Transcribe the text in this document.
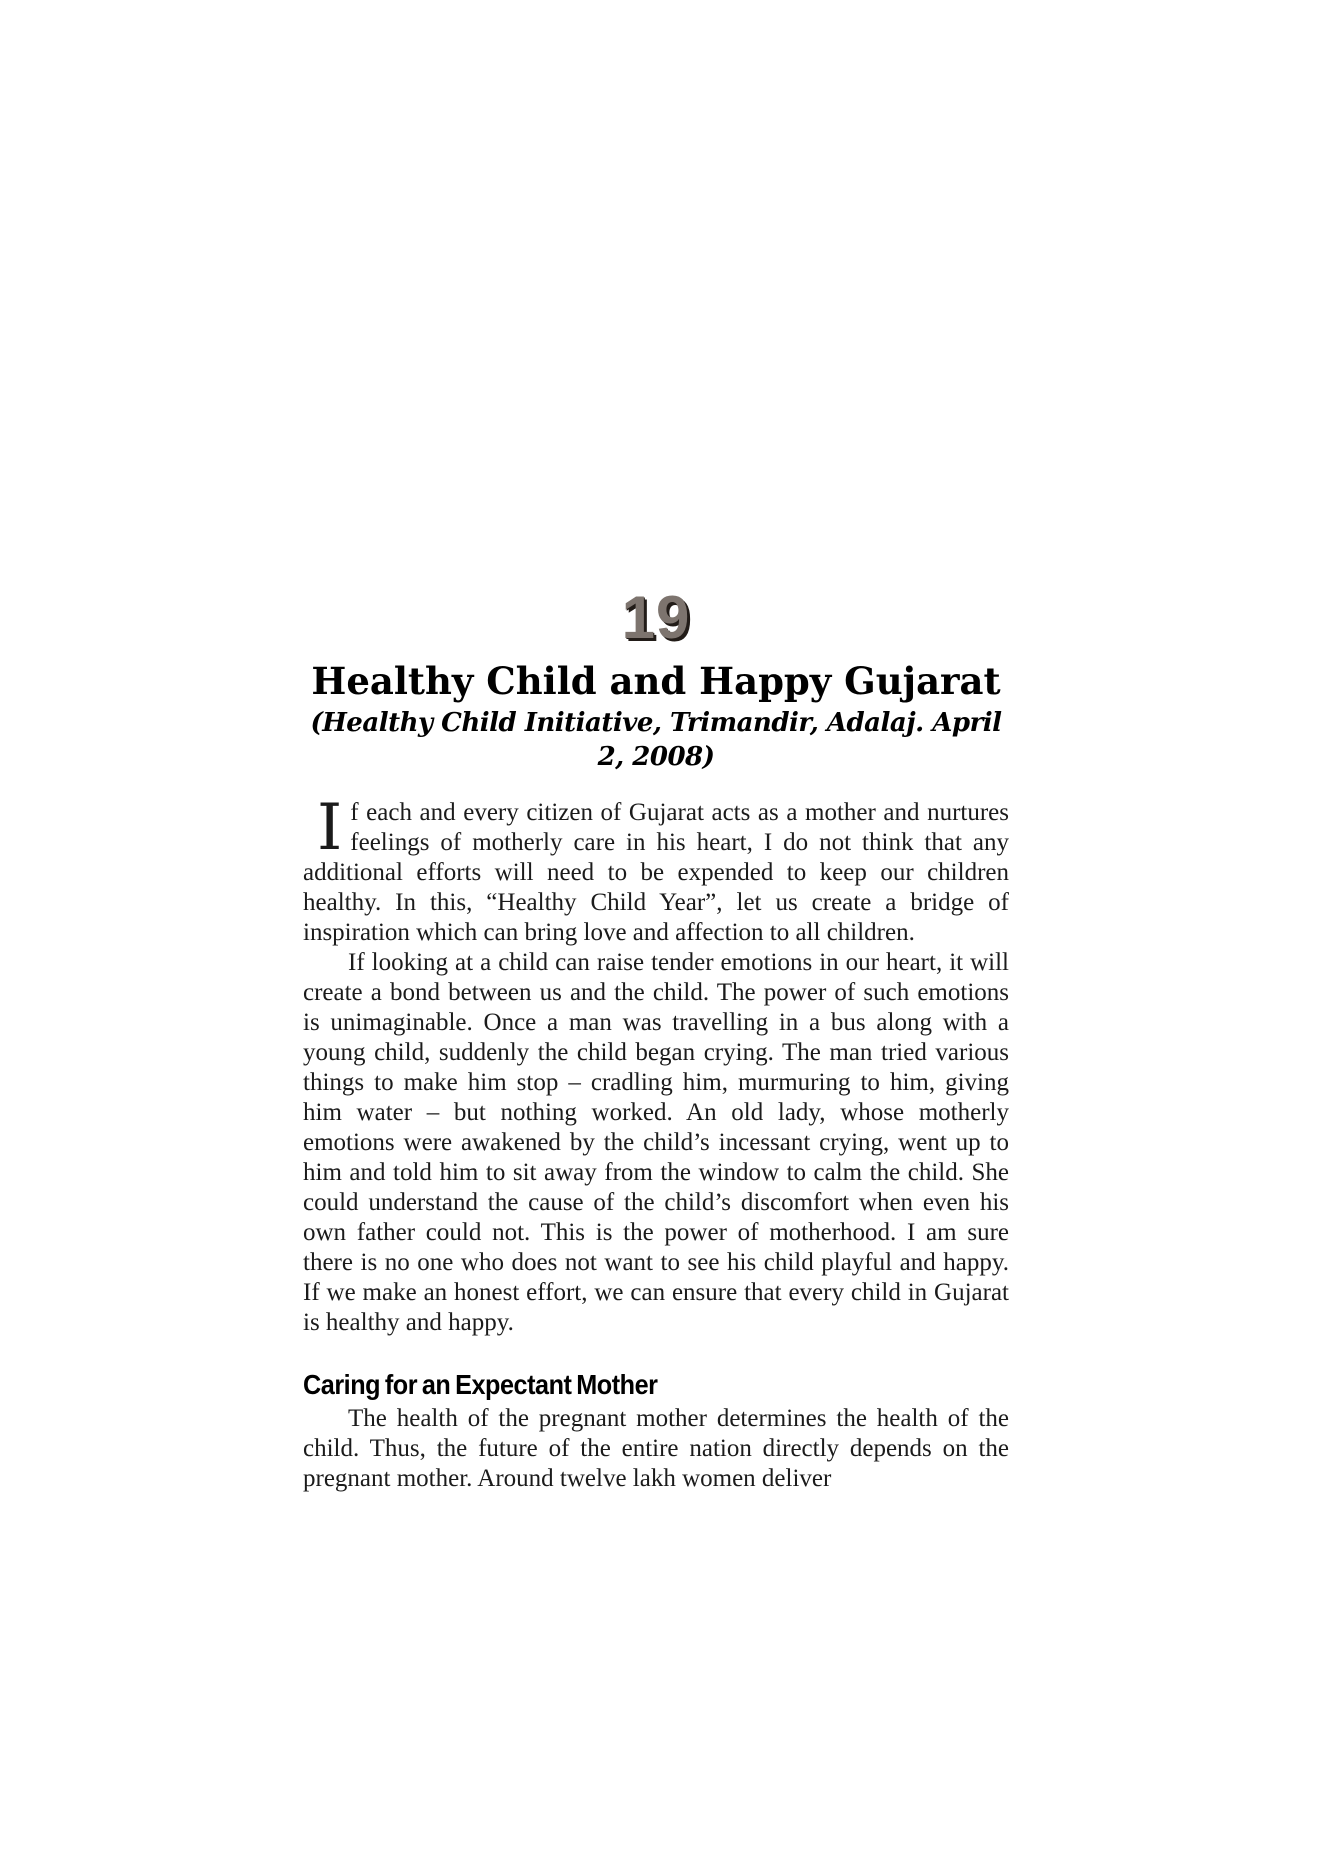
19
Healthy Child and Happy Gujarat
(Healthy Child Initiative, Trimandir, Adalaj. April 2, 2008)

If each and every citizen of Gujarat acts as a mother and nurtures feelings of motherly care in his heart, I do not think that any additional efforts will need to be expended to keep our children healthy. In this, “Healthy Child Year”, let us create a bridge of inspiration which can bring love and affection to all children.

If looking at a child can raise tender emotions in our heart, it will create a bond between us and the child. The power of such emotions is unimaginable. Once a man was travelling in a bus along with a young child, suddenly the child began crying. The man tried various things to make him stop – cradling him, murmuring to him, giving him water – but nothing worked. An old lady, whose motherly emotions were awakened by the child’s incessant crying, went up to him and told him to sit away from the window to calm the child. She could understand the cause of the child’s discomfort when even his own father could not. This is the power of motherhood. I am sure there is no one who does not want to see his child playful and happy. If we make an honest effort, we can ensure that every child in Gujarat is healthy and happy.

Caring for an Expectant Mother

The health of the pregnant mother determines the health of the child. Thus, the future of the entire nation directly depends on the pregnant mother. Around twelve lakh women deliver
